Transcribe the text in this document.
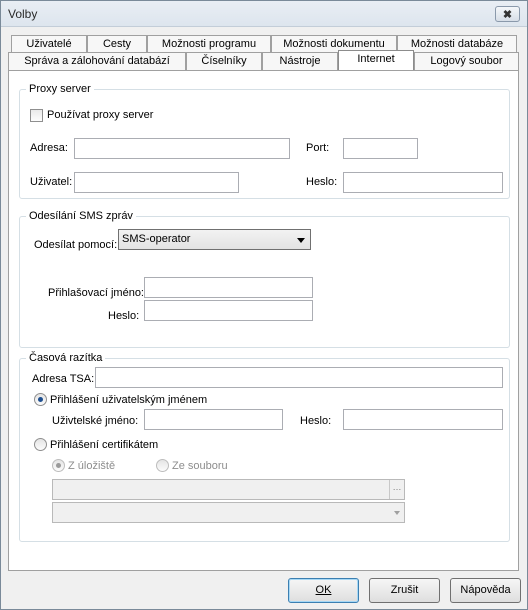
Volby	✖
Uživatelé	Cesty	Možnosti programu	Možnosti dokumentu	Možnosti databáze
Správa a zálohování databází	Číselníky	Nástroje	Internet	Logový soubor
Proxy server
Používat proxy server
Adresa:	Port:
Uživatel:	Heslo:
Odesílání SMS zpráv
Odesílat pomocí: SMS-operator
Přihlašovací jméno:
Heslo:
Časová razítka
Adresa TSA:
Přihlášení uživatelským jménem
Uživtelské jméno:	Heslo:
Přihlášení certifikátem
Z úložiště	Ze souboru
…
OK	Zrušit	Nápověda
